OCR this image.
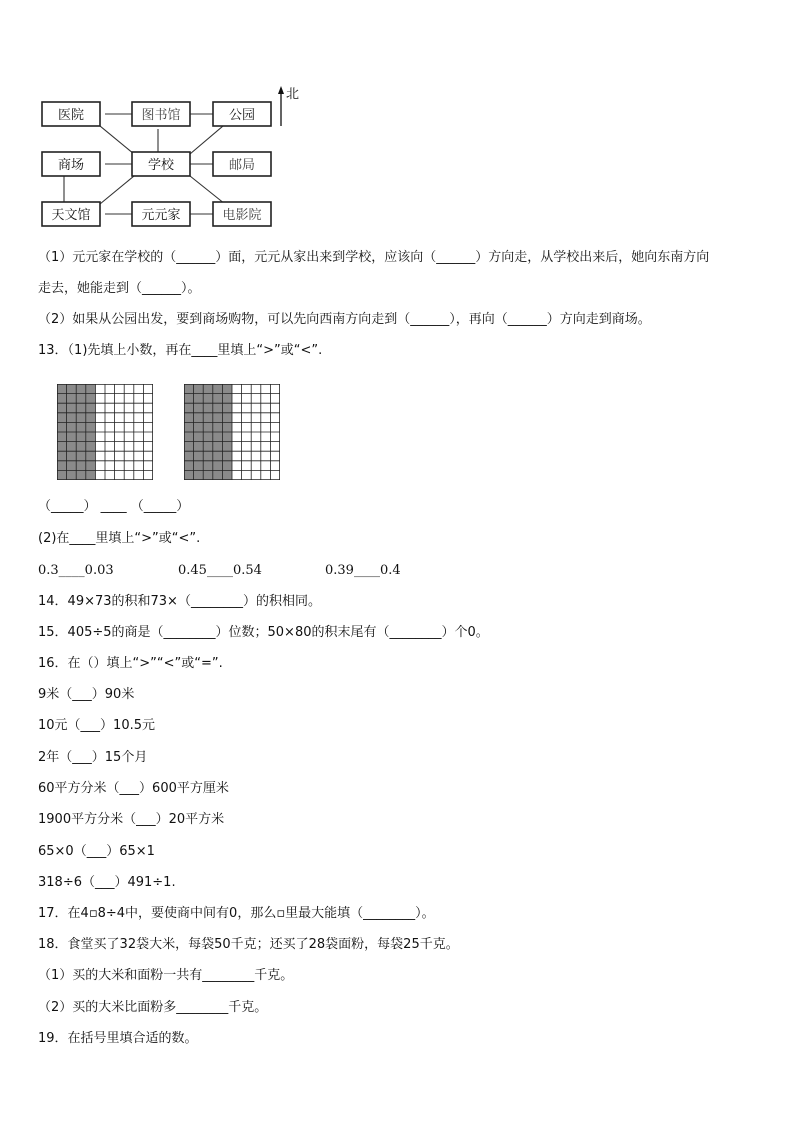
医院	图书馆	公园
商场	学校	邮局
天文馆	元元家	电影院
北
（1）元元家在学校的（______）面，元元从家出来到学校，应该向（______）方向走，从学校出来后，她向东南方向
走去，她能走到（______）。
（2）如果从公园出发，要到商场购物，可以先向西南方向走到（______），再向（______）方向走到商场。
13．（1)先填上小数，再在____里填上“>”或“<”.
（_____） ____ （_____）
(2)在____里填上“>”或“<”.
0.3____0.03	0.45____0.54	0.39____0.4
14．49×73的积和73×（________）的积相同。
15．405÷5的商是（________）位数；50×80的积末尾有（________）个0。
16．在（）填上“>”“<”或“=”.
9米（___）90米
10元（___）10.5元
2年（___）15个月
60平方分米（___）600平方厘米
1900平方分米（___）20平方米
65×0（___）65×1
318÷6（___）491÷1.
17．在4▫8÷4中，要使商中间有0，那么▫里最大能填（________）。
18．食堂买了32袋大米，每袋50千克；还买了28袋面粉，每袋25千克。
（1）买的大米和面粉一共有________千克。
（2）买的大米比面粉多________千克。
19．在括号里填合适的数。
